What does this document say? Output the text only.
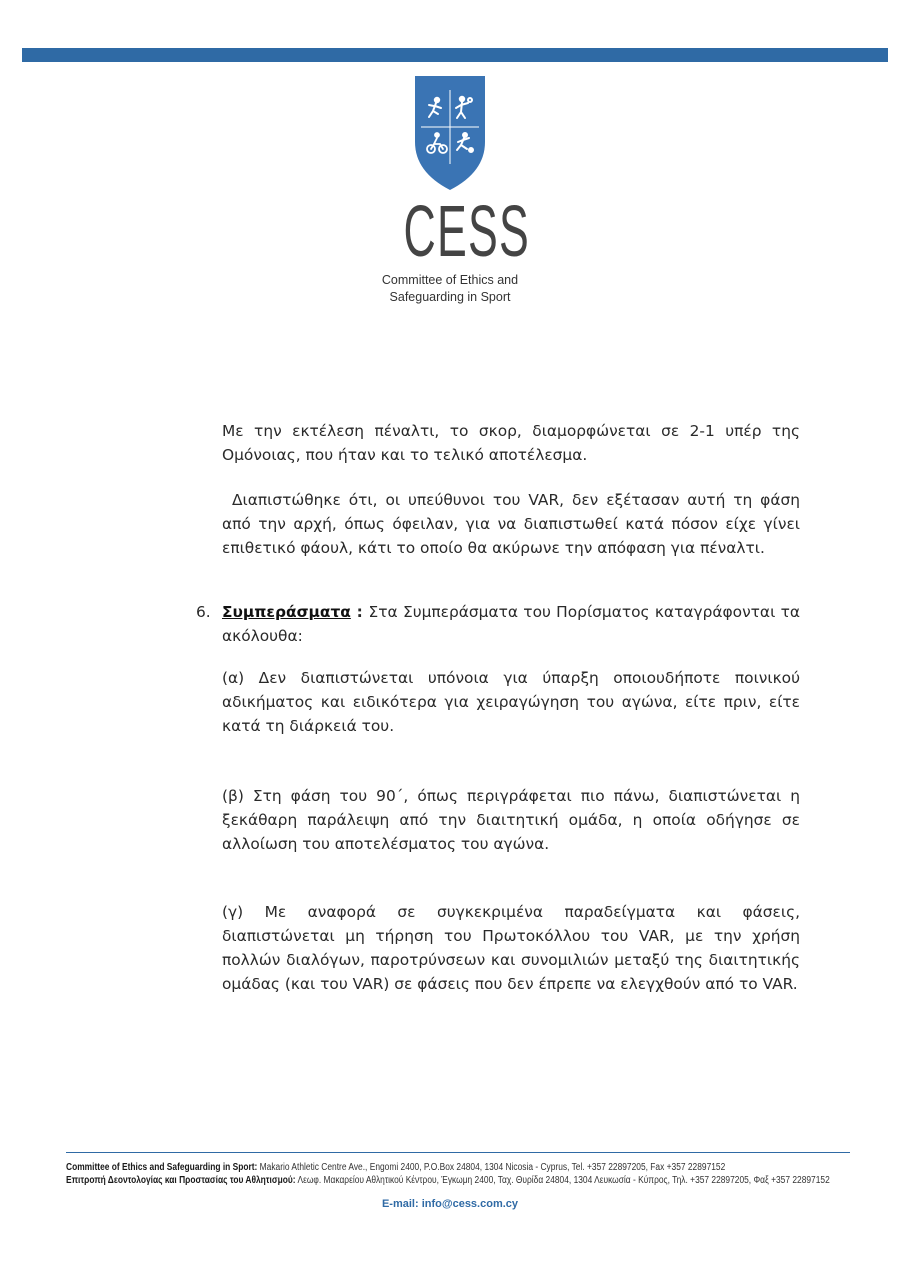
CESS
Committee of Ethics and
Safeguarding in Sport
Με την εκτέλεση πέναλτι, το σκορ, διαμορφώνεται σε 2-1 υπέρ της Ομόνοιας, που ήταν και το τελικό αποτέλεσμα.
Διαπιστώθηκε ότι, οι υπεύθυνοι του VAR, δεν εξέτασαν αυτή τη φάση από την αρχή, όπως όφειλαν, για να διαπιστωθεί κατά πόσον είχε γίνει επιθετικό φάουλ, κάτι το οποίο θα ακύρωνε την απόφαση για πέναλτι.
6. Συμπεράσματα : Στα Συμπεράσματα του Πορίσματος καταγράφονται τα ακόλουθα:
(α) Δεν διαπιστώνεται υπόνοια για ύπαρξη οποιουδήποτε ποινικού αδικήματος και ειδικότερα για χειραγώγηση του αγώνα, είτε πριν, είτε κατά τη διάρκειά του.
(β) Στη φάση του 90΄, όπως περιγράφεται πιο πάνω, διαπιστώνεται η ξεκάθαρη παράλειψη από την διαιτητική ομάδα, η οποία οδήγησε σε αλλοίωση του αποτελέσματος του αγώνα.
(γ) Με αναφορά σε συγκεκριμένα παραδείγματα και φάσεις, διαπιστώνεται μη τήρηση του Πρωτοκόλλου του VAR, με την χρήση πολλών διαλόγων, παροτρύνσεων και συνομιλιών μεταξύ της διαιτητικής ομάδας (και του VAR) σε φάσεις που δεν έπρεπε να ελεγχθούν από το VAR.
Committee of Ethics and Safeguarding in Sport: Makario Athletic Centre Ave., Engomi 2400, P.O.Box 24804, 1304 Nicosia - Cyprus, Tel. +357 22897205, Fax +357 22897152
Επιτροπή Δεοντολογίας και Προστασίας του Αθλητισμού: Λεωφ. Μακαρείου Αθλητικού Κέντρου, Έγκωμη 2400, Ταχ. Θυρίδα 24804, 1304 Λευκωσία - Κύπρος, Τηλ. +357 22897205, Φαξ +357 22897152
E-mail: info@cess.com.cy
